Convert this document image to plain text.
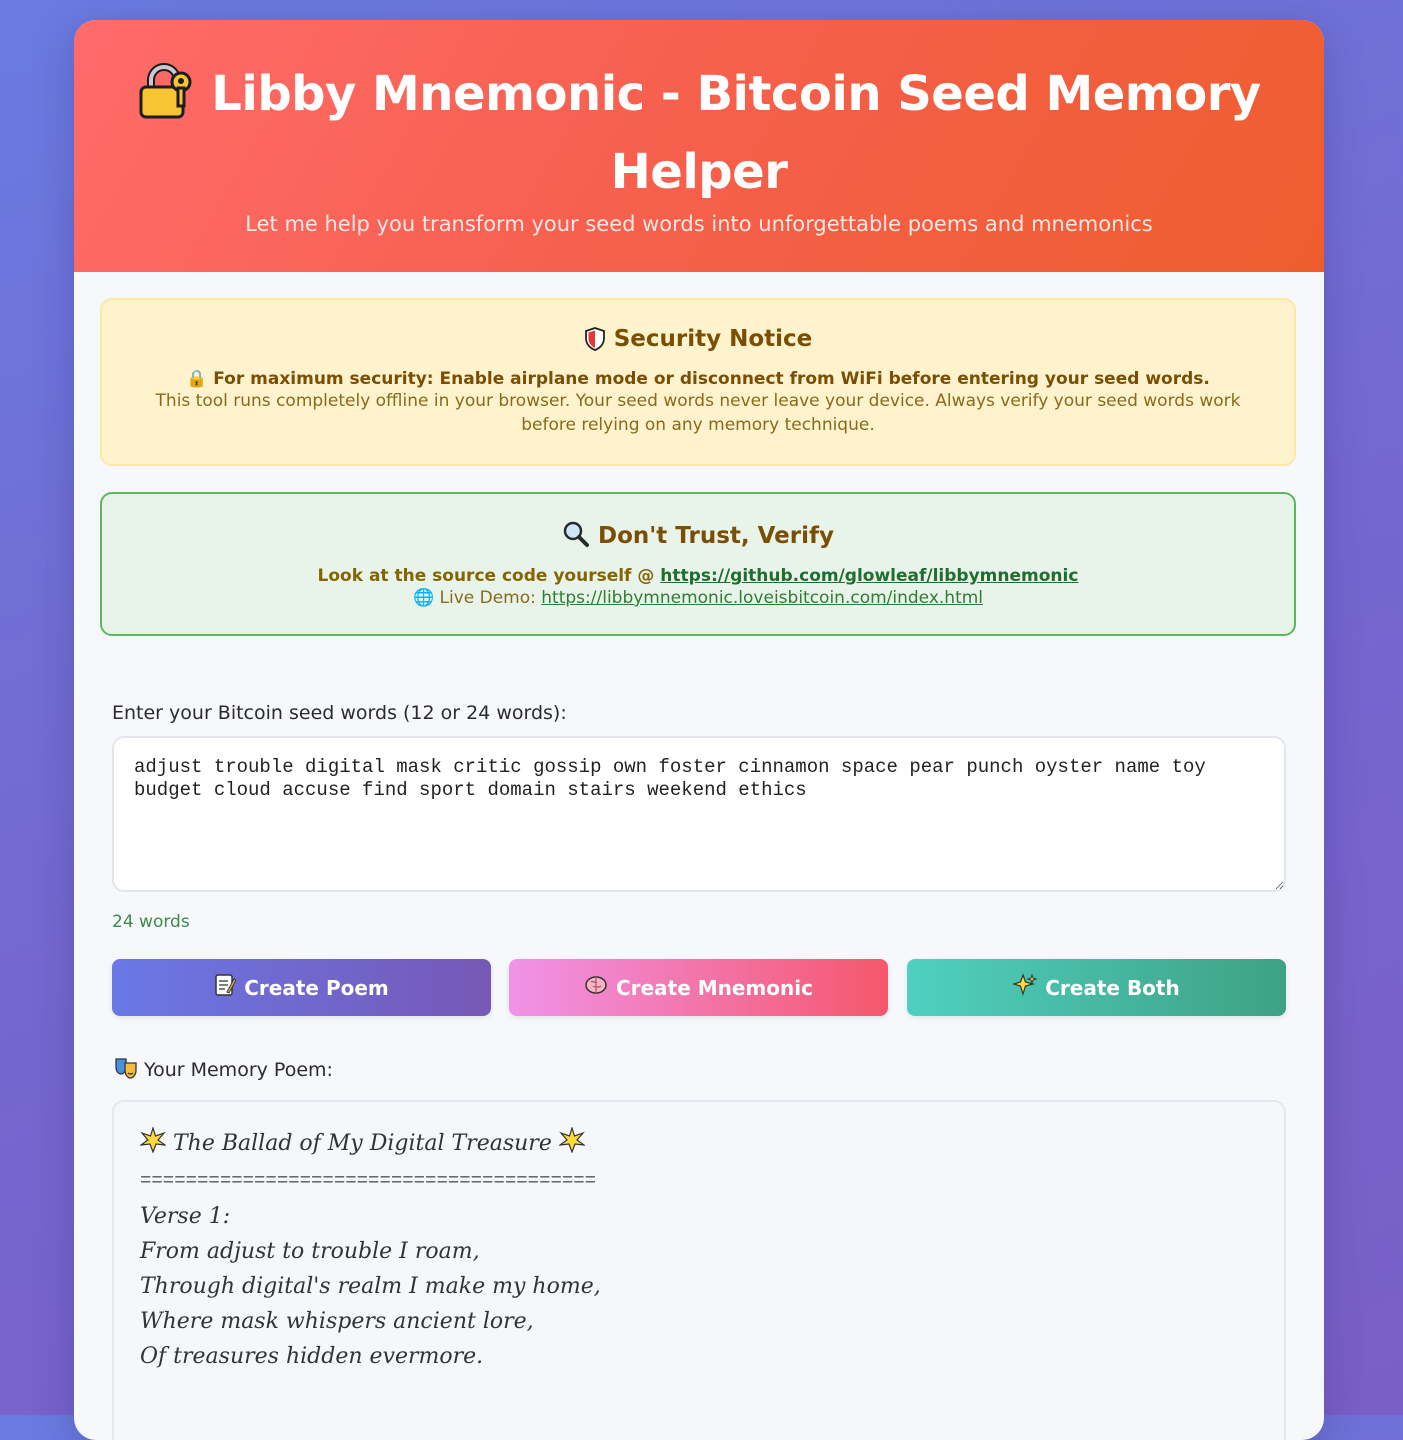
Libby Mnemonic - Bitcoin Seed Memory Helper

Let me help you transform your seed words into unforgettable poems and mnemonics

Security Notice
🔒 For maximum security: Enable airplane mode or disconnect from WiFi before entering your seed words.
This tool runs completely offline in your browser. Your seed words never leave your device. Always verify your seed words work before relying on any memory technique.
Don't Trust, Verify
Look at the source code yourself @ https://github.com/glowleaf/libbymnemonic
🌐 Live Demo: https://libbymnemonic.loveisbitcoin.com/index.html
Enter your Bitcoin seed words (12 or 24 words):
adjust trouble digital mask critic gossip own foster cinnamon space pear punch oyster name toy budget cloud accuse find sport domain stairs weekend ethics
24 words
Create Poem	Create Mnemonic	Create Both
Your Memory Poem:
The Ballad of My Digital Treasure
========================================
Verse 1:
From adjust to trouble I roam,
Through digital's realm I make my home,
Where mask whispers ancient lore,
Of treasures hidden evermore.
